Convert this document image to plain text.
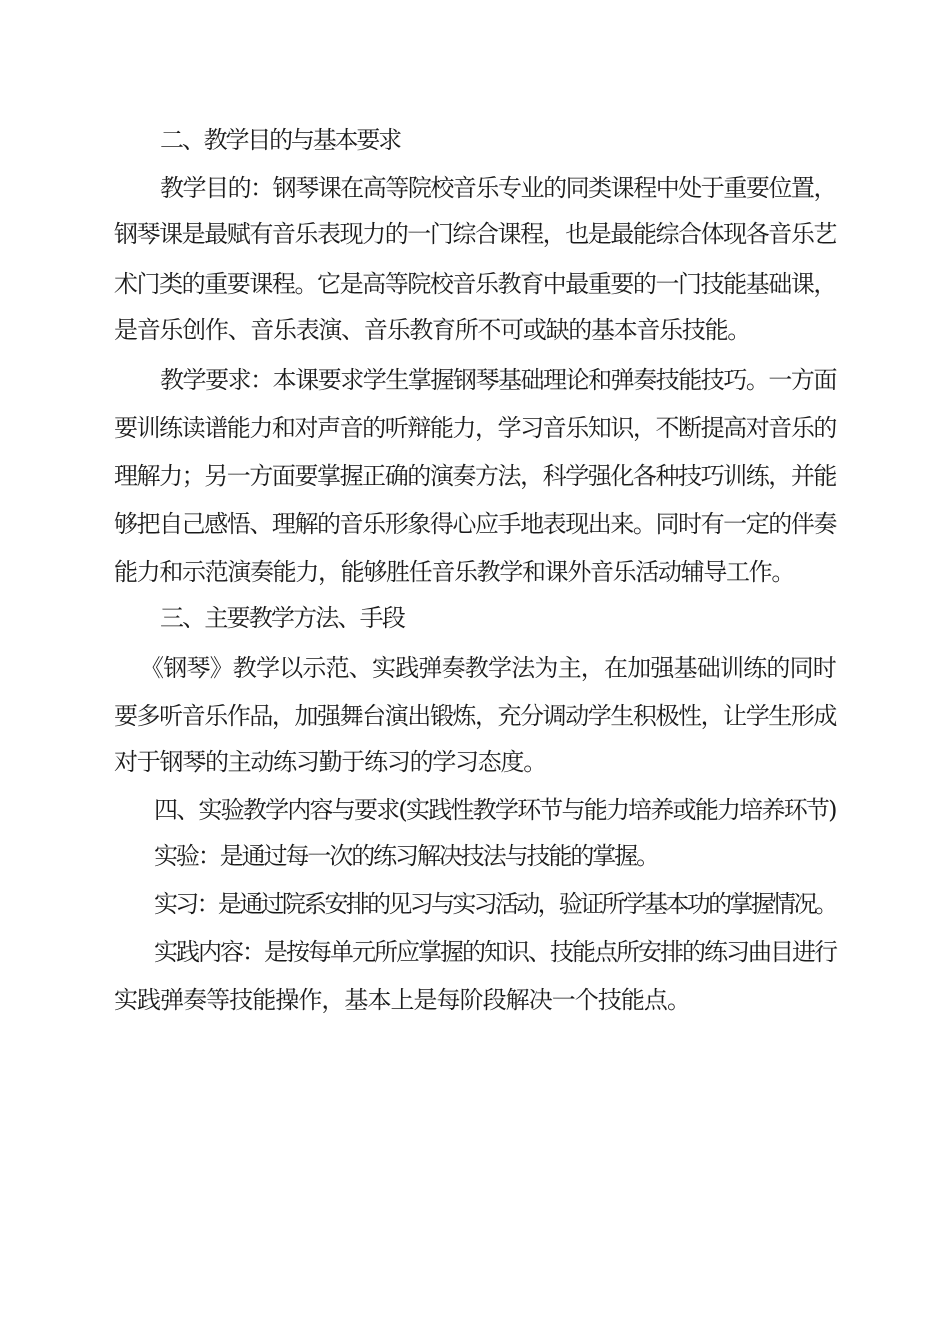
二、教学目的与基本要求
教学目的：钢琴课在高等院校音乐专业的同类课程中处于重要位置，
钢琴课是最赋有音乐表现力的一门综合课程，也是最能综合体现各音乐艺
术门类的重要课程。它是高等院校音乐教育中最重要的一门技能基础课，
是音乐创作、音乐表演、音乐教育所不可或缺的基本音乐技能。
教学要求：本课要求学生掌握钢琴基础理论和弹奏技能技巧。一方面
要训练读谱能力和对声音的听辩能力，学习音乐知识，不断提高对音乐的
理解力；另一方面要掌握正确的演奏方法，科学强化各种技巧训练，并能
够把自己感悟、理解的音乐形象得心应手地表现出来。同时有一定的伴奏
能力和示范演奏能力，能够胜任音乐教学和课外音乐活动辅导工作。
三、主要教学方法、手段
《钢琴》教学以示范、实践弹奏教学法为主，在加强基础训练的同时
要多听音乐作品，加强舞台演出锻炼，充分调动学生积极性，让学生形成
对于钢琴的主动练习勤于练习的学习态度。
四、实验教学内容与要求(实践性教学环节与能力培养或能力培养环节)
实验：是通过每一次的练习解决技法与技能的掌握。
实习：是通过院系安排的见习与实习活动，验证所学基本功的掌握情况。
实践内容：是按每单元所应掌握的知识、技能点所安排的练习曲目进行
实践弹奏等技能操作，基本上是每阶段解决一个技能点。
